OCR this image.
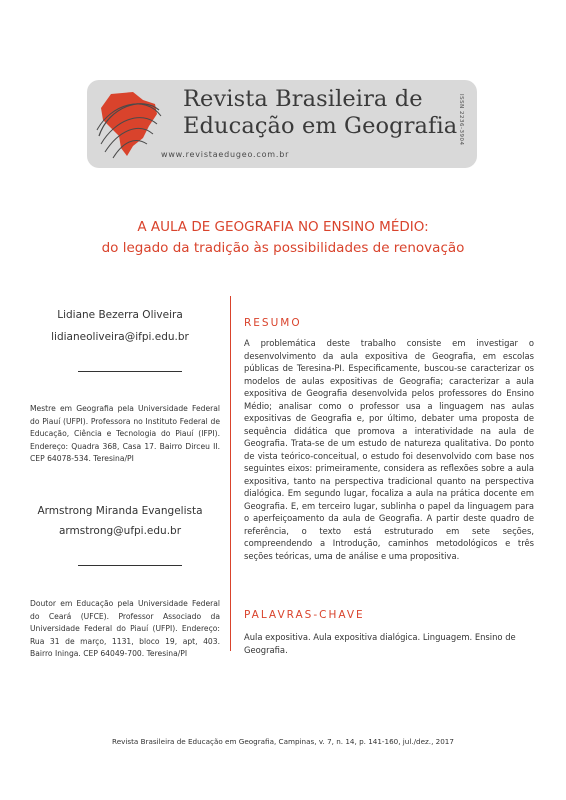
Revista Brasileira de
Educação em Geografia
www.revistaedugeo.com.br
ISSN 2236-3904
A AULA DE GEOGRAFIA NO ENSINO MÉDIO:
do legado da tradição às possibilidades de renovação
Lidiane Bezerra Oliveira
lidianeoliveira@ifpi.edu.br
Mestre em Geografia pela Universidade Federal do Piauí (UFPI). Professora no Instituto Federal de Educação, Ciência e Tecnologia do Piauí (IFPI). Endereço: Quadra 368, Casa 17. Bairro Dirceu II. CEP 64078-534. Teresina/PI
Armstrong Miranda Evangelista
armstrong@ufpi.edu.br
Doutor em Educação pela Universidade Federal do Ceará (UFCE). Professor Associado da Universidade Federal do Piauí (UFPI). Endereço: Rua 31 de março, 1131, bloco 19, apt, 403. Bairro Ininga. CEP 64049-700. Teresina/PI
RESUMO
A problemática deste trabalho consiste em investigar o desenvolvimento da aula expositiva de Geografia, em escolas públicas de Teresina-PI. Especificamente, buscou-se caracterizar os modelos de aulas expositivas de Geografia; caracterizar a aula expositiva de Geografia desenvolvida pelos professores do Ensino Médio; analisar como o professor usa a linguagem nas aulas expositivas de Geografia e, por último, debater uma proposta de sequência didática que promova a interatividade na aula de Geografia. Trata-se de um estudo de natureza qualitativa. Do ponto de vista teórico-conceitual, o estudo foi desenvolvido com base nos seguintes eixos: primeiramente, considera as reflexões sobre a aula expositiva, tanto na perspectiva tradicional quanto na perspectiva dialógica. Em segundo lugar, focaliza a aula na prática docente em Geografia. E, em terceiro lugar, sublinha o papel da linguagem para o aperfeiçoamento da aula de Geografia. A partir deste quadro de referência, o texto está estruturado em sete seções, compreendendo a Introdução, caminhos metodológicos e três seções teóricas, uma de análise e uma propositiva.
PALAVRAS-CHAVE
Aula expositiva. Aula expositiva dialógica. Linguagem. Ensino de Geografia.
Revista Brasileira de Educação em Geografia, Campinas, v. 7, n. 14, p. 141-160, jul./dez., 2017
